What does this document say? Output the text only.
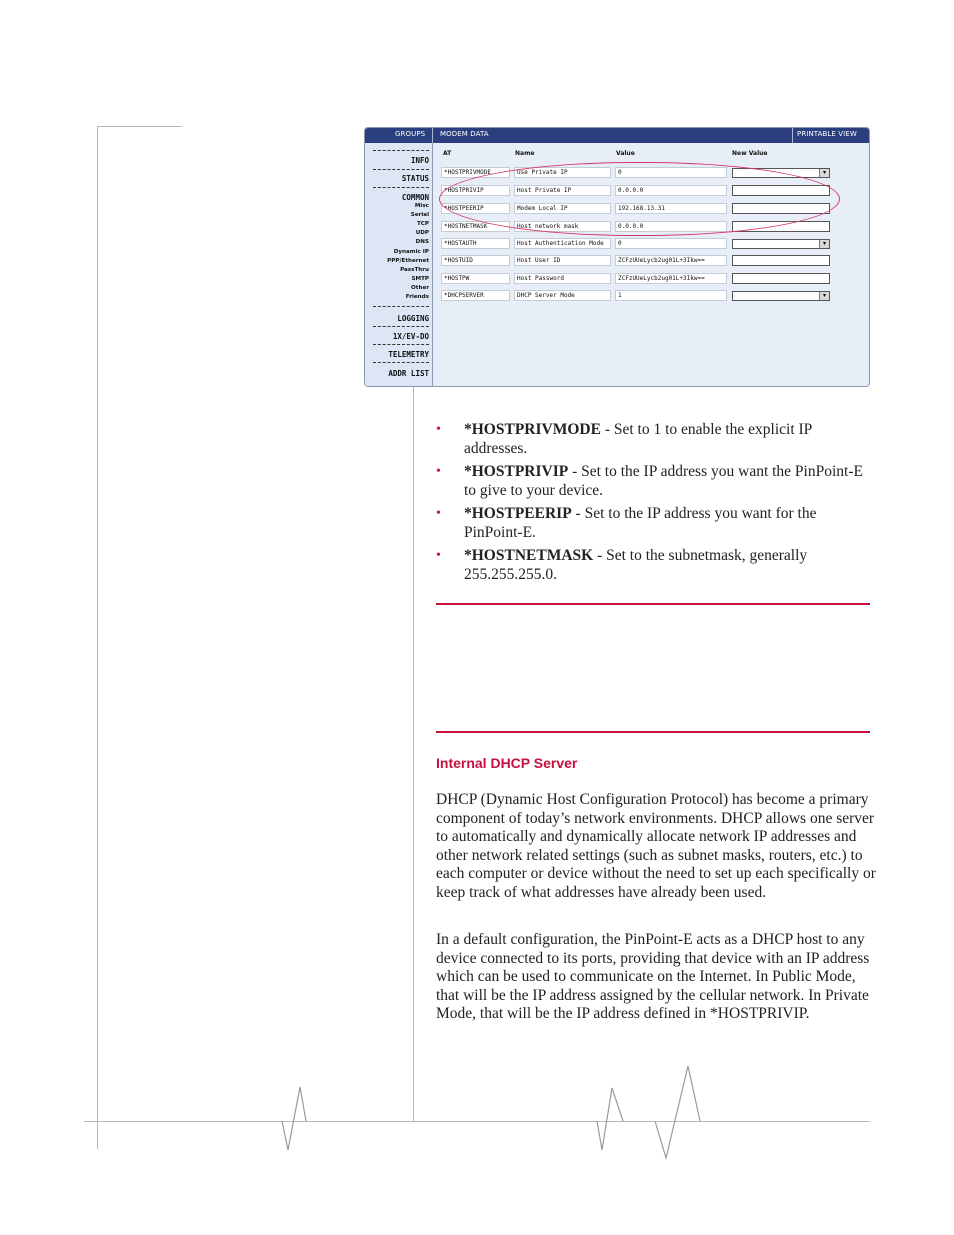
GROUPS MODEM DATA	PRINTABLE VIEW
INFO
STATUS
COMMON
Misc
Serial
TCP
UDP
DNS
Dynamic IP
PPP/Ethernet
PassThru
SMTP
Other
Friends
LOGGING
1X/EV-DO
TELEMETRY
ADDR LIST
AT	Name	Value	New Value
*HOSTPRIVMODE	Use Private IP	0	▾
*HOSTPRIVIP	Host Private IP	0.0.0.0
*HOSTPEERIP	Modem Local IP	192.168.13.31
*HOSTNETMASK	Host network mask	0.0.0.0
*HOSTAUTH	Host Authentication Mode	0	▾
*HOSTUID	Host User ID	ZCFzUUeLycb2ug01L+3Ikw==
*HOSTPW	Host Password	ZCFzUUeLycb2ug01L+3Ikw==
*DHCPSERVER	DHCP Server Mode	1	▾
• *HOSTPRIVMODE - Set to 1 to enable the explicit IP addresses.
• *HOSTPRIVIP - Set to the IP address you want the PinPoint-E to give to your device.
• *HOSTPEERIP - Set to the IP address you want for the PinPoint-E.
• *HOSTNETMASK - Set to the subnetmask, generally 255.255.255.0.
Internal DHCP Server

DHCP (Dynamic Host Configuration Protocol) has become a primary component of today’s network environments. DHCP allows one server to automatically and dynamically allocate network IP addresses and other network related settings (such as subnet masks, routers, etc.) to each computer or device without the need to set up each specifically or keep track of what addresses have already been used.

In a default configuration, the PinPoint-E acts as a DHCP host to any device connected to its ports, providing that device with an IP address which can be used to communicate on the Internet. In Public Mode, that will be the IP address assigned by the cellular network. In Private Mode, that will be the IP address defined in *HOSTPRIVIP.
